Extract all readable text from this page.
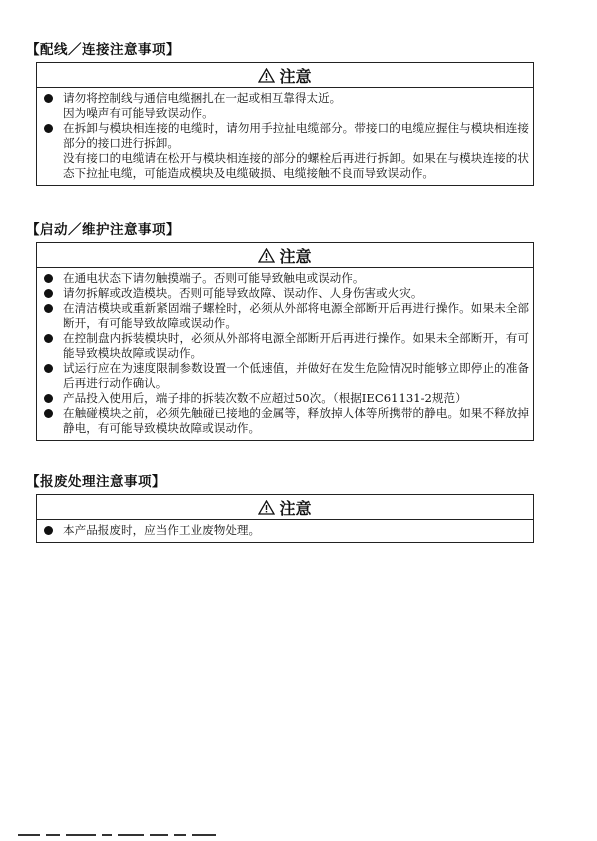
【配线／连接注意事项】
注意

请勿将控制线与通信电缆捆扎在一起或相互靠得太近。

因为噪声有可能导致误动作。

在拆卸与模块相连接的电缆时，请勿用手拉扯电缆部分。带接口的电缆应握住与模块相连接部分的接口进行拆卸。

没有接口的电缆请在松开与模块相连接的部分的螺栓后再进行拆卸。如果在与模块连接的状态下拉扯电缆，可能造成模块及电缆破损、电缆接触不良而导致误动作。

【启动／维护注意事项】
注意

在通电状态下请勿触摸端子。否则可能导致触电或误动作。

请勿拆解或改造模块。否则可能导致故障、误动作、人身伤害或火灾。

在清洁模块或重新紧固端子螺栓时，必须从外部将电源全部断开后再进行操作。如果未全部断开，有可能导致故障或误动作。

在控制盘内拆装模块时，必须从外部将电源全部断开后再进行操作。如果未全部断开，有可能导致模块故障或误动作。

试运行应在为速度限制参数设置一个低速值，并做好在发生危险情况时能够立即停止的准备后再进行动作确认。

产品投入使用后，端子排的拆装次数不应超过50次。（根据IEC61131-2规范）

在触碰模块之前，必须先触碰已接地的金属等，释放掉人体等所携带的静电。如果不释放掉静电，有可能导致模块故障或误动作。

【报废处理注意事项】
注意

本产品报废时，应当作工业废物处理。
